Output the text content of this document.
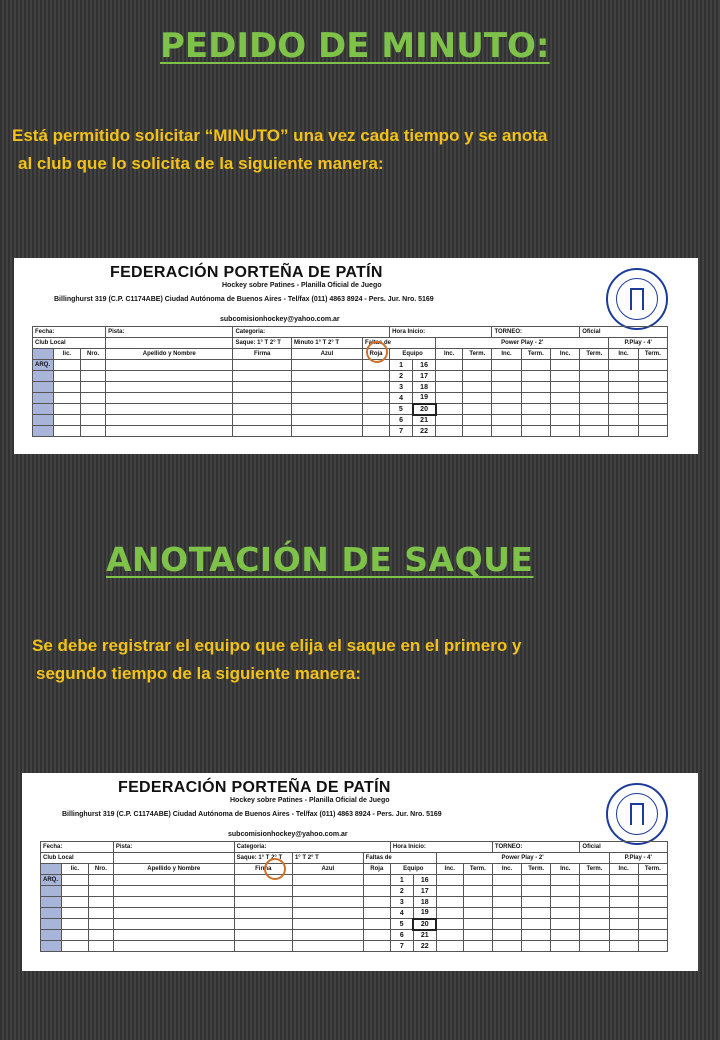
PEDIDO DE MINUTO:
Está permitido solicitar “MINUTO” una vez cada tiempo y se anota
al club que lo solicita de la siguiente manera:
FEDERACIÓN PORTEÑA DE PATÍN
Hockey sobre Patines - Planilla Oficial de Juego
Billinghurst 319 (C.P. C1174ABE) Ciudad Autónoma de Buenos Aires - Tel/fax (011) 4863 8924 - Pers. Jur. Nro. 5169
subcomisionhockey@yahoo.com.ar
Fecha:			Pista:	Categoria:			Hora Inicio:				TORNEO:			Oficial		
Club Local				Saque: 1° T 2° T	Minuto 1° T 2° T	Faltas de			Power Play - 2'						P.Play - 4'	
	lic.	Nro.	Apellido y Nombre	Firma	Azul	Roja	Equipo		Inc.	Term.	Inc.	Term.	Inc.	Term.	Inc.	Term.
ARQ.							1	16								
							2	17								
							3	18								
							4	19								
							5	20								
							6	21								
							7	22								
ANOTACIÓN DE SAQUE
Se debe registrar el equipo que elija el saque en el primero y
segundo tiempo de la siguiente manera:
FEDERACIÓN PORTEÑA DE PATÍN
Hockey sobre Patines - Planilla Oficial de Juego
Billinghurst 319 (C.P. C1174ABE) Ciudad Autónoma de Buenos Aires - Tel/fax (011) 4863 8924 - Pers. Jur. Nro. 5169
subcomisionhockey@yahoo.com.ar
Fecha:			Pista:	Categoria:			Hora Inicio:				TORNEO:			Oficial		
Club Local				Saque: 1° T 2° T	1° T 2° T	Faltas de			Power Play - 2'						P.Play - 4'	
	lic.	Nro.	Apellido y Nombre	Firma	Azul	Roja	Equipo		Inc.	Term.	Inc.	Term.	Inc.	Term.	Inc.	Term.
ARQ.							1	16								
							2	17								
							3	18								
							4	19								
							5	20								
							6	21								
							7	22								
